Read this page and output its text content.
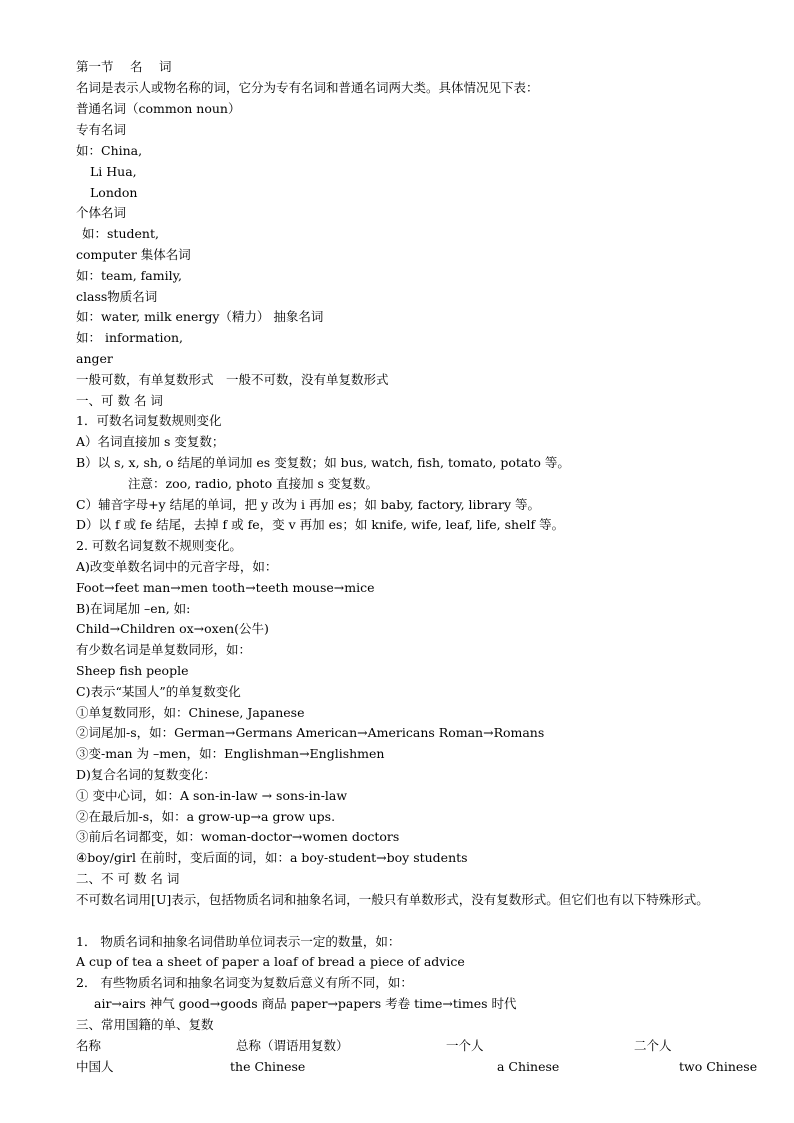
第一节　 名　 词
名词是表示人或物名称的词，它分为专有名词和普通名词两大类。具体情况见下表：
普通名词（common noun）
专有名词
如：China,
Li Hua,
London
个体名词
如：student,
computer 集体名词
如：team, family,
class物质名词
如：water, milk energy（精力） 抽象名词
如： information,
anger
一般可数，有单复数形式　一般不可数，没有单复数形式
一、可 数 名 词
1．可数名词复数规则变化
A）名词直接加 s 变复数；
B）以 s, x, sh, o 结尾的单词加 es 变复数；如 bus, watch, fish, tomato, potato 等。
注意：zoo, radio, photo 直接加 s 变复数。
C）辅音字母+y 结尾的单词，把 y 改为 i 再加 es；如 baby, factory, library 等。
D）以 f 或 fe 结尾，去掉 f 或 fe，变 v 再加 es；如 knife, wife, leaf, life, shelf 等。
2. 可数名词复数不规则变化。
A)改变单数名词中的元音字母，如：
Foot→feet man→men tooth→teeth mouse→mice
B)在词尾加 –en, 如:
Child→Children ox→oxen(公牛)
有少数名词是单复数同形，如：
Sheep fish people
C)表示“某国人”的单复数变化
①单复数同形，如：Chinese, Japanese
②词尾加-s，如：German→Germans American→Americans Roman→Romans
③变-man 为 –men，如：Englishman→Englishmen
D)复合名词的复数变化：
① 变中心词，如：A son-in-law → sons-in-law
②在最后加-s，如：a grow-up→a grow ups.
③前后名词都变，如：woman-doctor→women doctors
④boy/girl 在前时，变后面的词，如：a boy-student→boy students
二、不 可 数 名 词
不可数名词用[U]表示，包括物质名词和抽象名词，一般只有单数形式，没有复数形式。但它们也有以下特殊形式。
1． 物质名词和抽象名词借助单位词表示一定的数量，如：
A cup of tea a sheet of paper a loaf of bread a piece of advice
2． 有些物质名词和抽象名词变为复数后意义有所不同，如：
air→airs 神气 good→goods 商品 paper→papers 考卷 time→times 时代
三、常用国籍的单、复数
名称	总称（谓语用复数）	一个人	二个人
中国人	the Chinese	a Chinese	two Chinese
